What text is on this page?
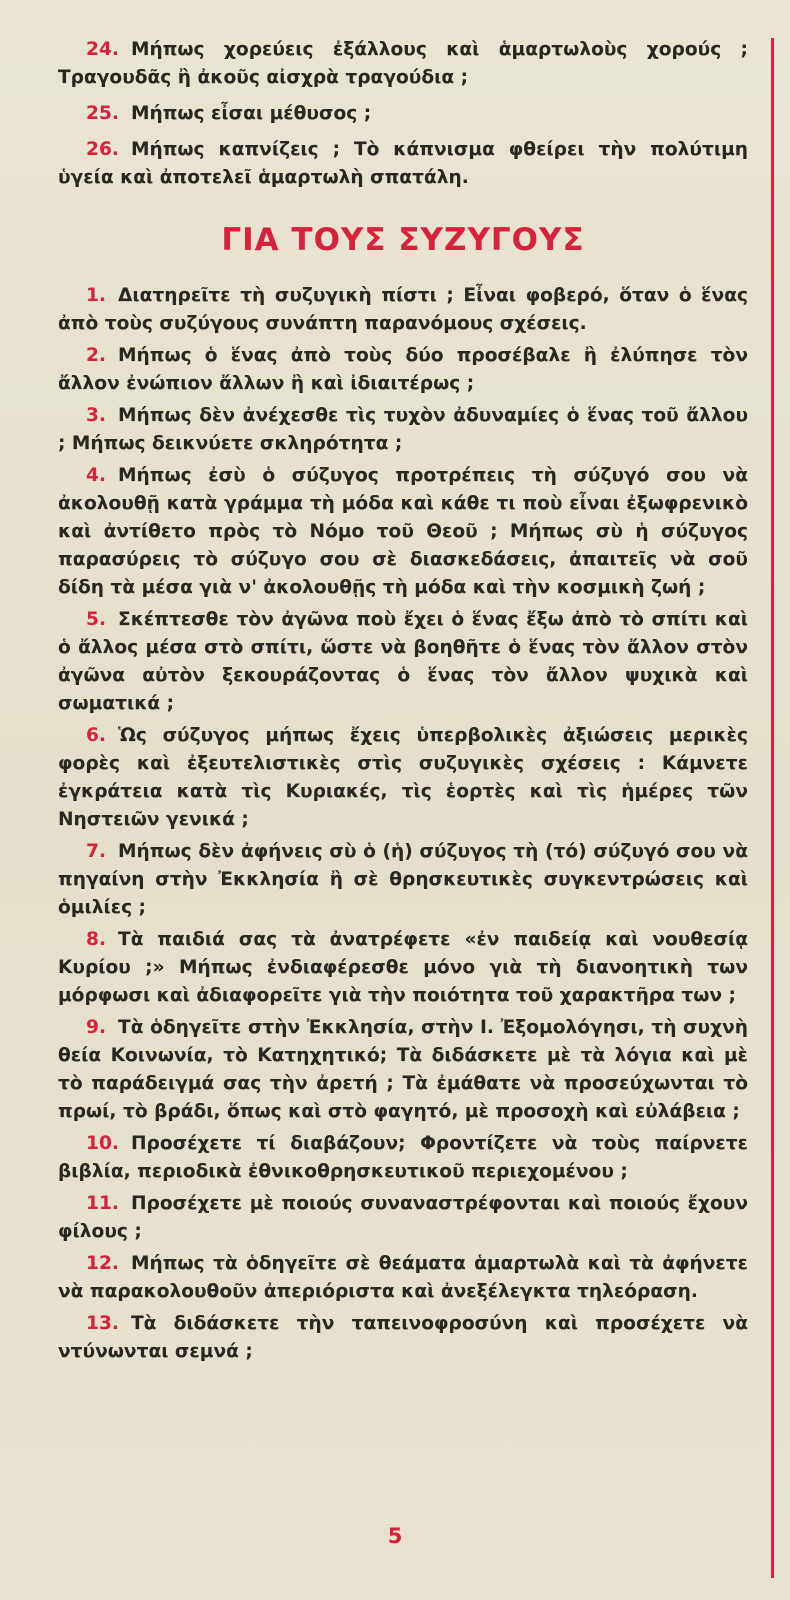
24. Μήπως χορεύεις ἐξάλλους καὶ ἁμαρτωλοὺς χορούς ; Τραγουδᾶς ἢ ἀκοῦς αἰσχρὰ τραγούδια ;

25. Μήπως εἶσαι μέθυσος ;

26. Μήπως καπνίζεις ; Τὸ κάπνισμα φθείρει τὴν πολύτιμη ὑγεία καὶ ἀποτελεῖ ἁμαρτωλὴ σπατάλη.

ΓΙΑ ΤΟΥΣ ΣΥΖΥΓΟΥΣ

1. Διατηρεῖτε τὴ συζυγικὴ πίστι ; Εἶναι φοβερό, ὅταν ὁ ἕνας ἀπὸ τοὺς συζύγους συνάπτη παρανόμους σχέσεις.

2. Μήπως ὁ ἕνας ἀπὸ τοὺς δύο προσέβαλε ἢ ἐλύπησε τὸν ἄλλον ἐνώπιον ἄλλων ἢ καὶ ἰδιαιτέρως ;

3. Μήπως δὲν ἀνέχεσθε τὶς τυχὸν ἀδυναμίες ὁ ἕνας τοῦ ἄλλου ; Μήπως δεικνύετε σκληρότητα ;

4. Μήπως ἐσὺ ὁ σύζυγος προτρέπεις τὴ σύζυγό σου νὰ ἀκολουθῇ κατὰ γράμμα τὴ μόδα καὶ κάθε τι ποὺ εἶναι ἐξωφρενικὸ καὶ ἀντίθετο πρὸς τὸ Νόμο τοῦ Θεοῦ ; Μήπως σὺ ἡ σύζυγος παρασύρεις τὸ σύζυγο σου σὲ διασκεδάσεις, ἀπαιτεῖς νὰ σοῦ δίδη τὰ μέσα γιὰ ν' ἀκολουθῇς τὴ μόδα καὶ τὴν κοσμικὴ ζωή ;

5. Σκέπτεσθε τὸν ἀγῶνα ποὺ ἔχει ὁ ἕνας ἔξω ἀπὸ τὸ σπίτι καὶ ὁ ἄλλος μέσα στὸ σπίτι, ὥστε νὰ βοηθῆτε ὁ ἕνας τὸν ἄλλον στὸν ἀγῶνα αὐτὸν ξεκουράζοντας ὁ ἕνας τὸν ἄλλον ψυχικὰ καὶ σωματικά ;

6. Ὡς σύζυγος μήπως ἔχεις ὑπερβολικὲς ἀξιώσεις μερικὲς φορὲς καὶ ἐξευτελιστικὲς στὶς συζυγικὲς σχέσεις : Κάμνετε ἐγκράτεια κατὰ τὶς Κυριακές, τὶς ἑορτὲς καὶ τὶς ἡμέρες τῶν Νηστειῶν γενικά ;

7. Μήπως δὲν ἀφήνεις σὺ ὁ (ἡ) σύζυγος τὴ (τό) σύζυγό σου νὰ πηγαίνη στὴν Ἐκκλησία ἢ σὲ θρησκευτικὲς συγκεντρώσεις καὶ ὁμιλίες ;

8. Τὰ παιδιά σας τὰ ἀνατρέφετε «ἐν παιδείᾳ καὶ νουθεσίᾳ Κυρίου ;» Μήπως ἐνδιαφέρεσθε μόνο γιὰ τὴ διανοητικὴ των μόρφωσι καὶ ἀδιαφορεῖτε γιὰ τὴν ποιότητα τοῦ χαρακτῆρα των ;

9. Τὰ ὁδηγεῖτε στὴν Ἐκκλησία, στὴν Ι. Ἐξομολόγησι, τὴ συχνὴ θεία Κοινωνία, τὸ Κατηχητικό; Τὰ διδάσκετε μὲ τὰ λόγια καὶ μὲ τὸ παράδειγμά σας τὴν ἀρετή ; Τὰ ἐμάθατε νὰ προσεύχωνται τὸ πρωί, τὸ βράδι, ὅπως καὶ στὸ φαγητό, μὲ προσοχὴ καὶ εὐλάβεια ;

10. Προσέχετε τί διαβάζουν; Φροντίζετε νὰ τοὺς παίρνετε βιβλία, περιοδικὰ ἐθνικοθρησκευτικοῦ περιεχομένου ;

11. Προσέχετε μὲ ποιούς συναναστρέφονται καὶ ποιούς ἔχουν φίλους ;

12. Μήπως τὰ ὁδηγεῖτε σὲ θεάματα ἁμαρτωλὰ καὶ τὰ ἀφήνετε νὰ παρακολουθοῦν ἀπεριόριστα καὶ ἀνεξέλεγκτα τηλεόραση.

13. Τὰ διδάσκετε τὴν ταπεινοφροσύνη καὶ προσέχετε νὰ ντύνωνται σεμνά ;

5
